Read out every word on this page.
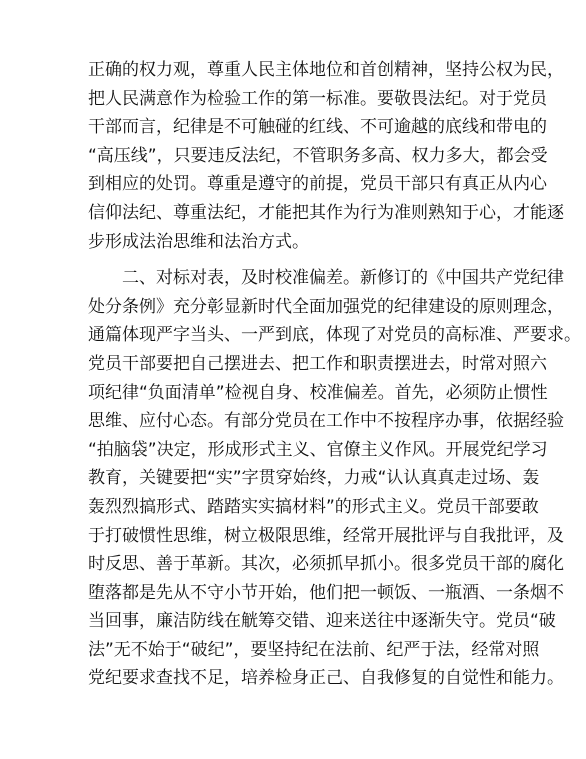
正确的权力观，尊重人民主体地位和首创精神，坚持公权为民，
把人民满意作为检验工作的第一标准。要敬畏法纪。对于党员
干部而言，纪律是不可触碰的红线、不可逾越的底线和带电的
“高压线”，只要违反法纪，不管职务多高、权力多大，都会受
到相应的处罚。尊重是遵守的前提，党员干部只有真正从内心
信仰法纪、尊重法纪，才能把其作为行为准则熟知于心，才能逐
步形成法治思维和法治方式。
　　二、对标对表，及时校准偏差。新修订的《中国共产党纪律
处分条例》充分彰显新时代全面加强党的纪律建设的原则理念，
通篇体现严字当头、一严到底，体现了对党员的高标准、严要求。
党员干部要把自己摆进去、把工作和职责摆进去，时常对照六
项纪律“负面清单”检视自身、校准偏差。首先，必须防止惯性
思维、应付心态。有部分党员在工作中不按程序办事，依据经验
“拍脑袋”决定，形成形式主义、官僚主义作风。开展党纪学习
教育，关键要把“实”字贯穿始终，力戒“认认真真走过场、轰
轰烈烈搞形式、踏踏实实搞材料”的形式主义。党员干部要敢
于打破惯性思维，树立极限思维，经常开展批评与自我批评，及
时反思、善于革新。其次，必须抓早抓小。很多党员干部的腐化
堕落都是先从不守小节开始，他们把一顿饭、一瓶酒、一条烟不
当回事，廉洁防线在觥筹交错、迎来送往中逐渐失守。党员“破
法”无不始于“破纪”，要坚持纪在法前、纪严于法，经常对照
党纪要求查找不足，培养检身正己、自我修复的自觉性和能力。
